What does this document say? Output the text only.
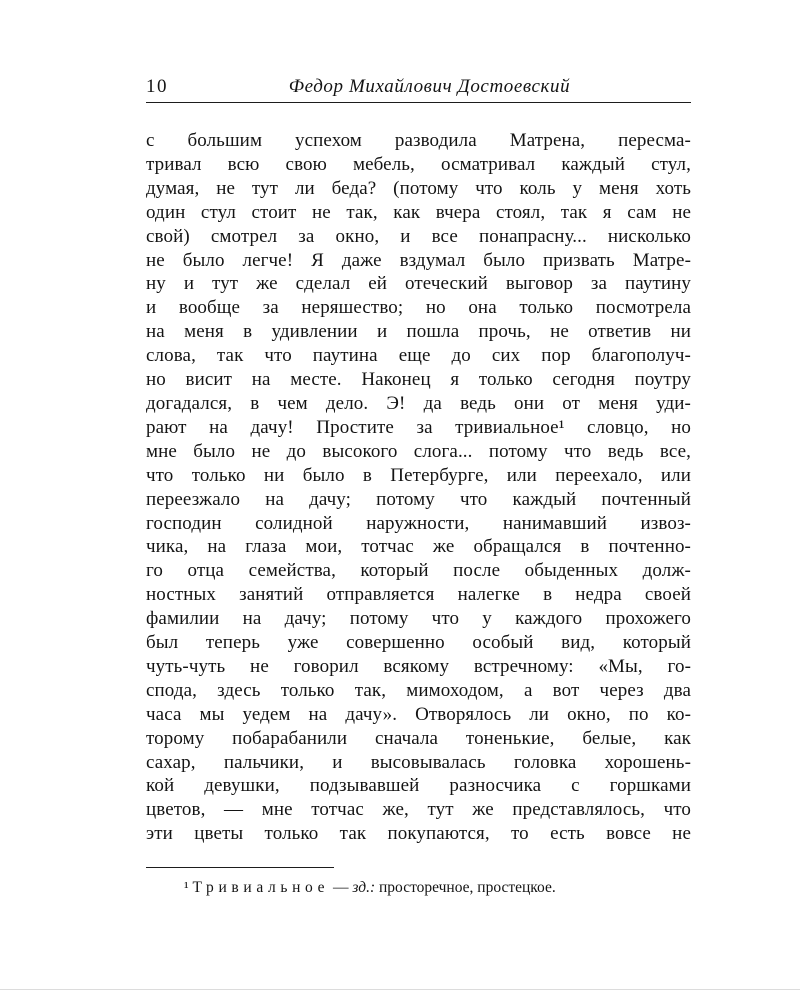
10	Федор Михайлович Достоевский
с большим успехом разводила Матрена, пересма-
тривал всю свою мебель, осматривал каждый стул,
думая, не тут ли беда? (потому что коль у меня хоть
один стул стоит не так, как вчера стоял, так я сам не
свой) смотрел за окно, и все понапрасну... нисколько
не было легче! Я даже вздумал было призвать Матре-
ну и тут же сделал ей отеческий выговор за паутину
и вообще за неряшество; но она только посмотрела
на меня в удивлении и пошла прочь, не ответив ни
слова, так что паутина еще до сих пор благополуч-
но висит на месте. Наконец я только сегодня поутру
догадался, в чем дело. Э! да ведь они от меня уди-
рают на дачу! Простите за тривиальное¹ словцо, но
мне было не до высокого слога... потому что ведь все,
что только ни было в Петербурге, или переехало, или
переезжало на дачу; потому что каждый почтенный
господин солидной наружности, нанимавший извоз-
чика, на глаза мои, тотчас же обращался в почтенно-
го отца семейства, который после обыденных долж-
ностных занятий отправляется налегке в недра своей
фамилии на дачу; потому что у каждого прохожего
был теперь уже совершенно особый вид, который
чуть-чуть не говорил всякому встречному: «Мы, го-
спода, здесь только так, мимоходом, а вот через два
часа мы уедем на дачу». Отворялось ли окно, по ко-
торому побарабанили сначала тоненькие, белые, как
сахар, пальчики, и высовывалась головка хорошень-
кой девушки, подзывавшей разносчика с горшками
цветов, — мне тотчас же, тут же представлялось, что
эти цветы только так покупаются, то есть вовсе не
¹ Тривиальное — зд.: просторечное, простецкое.
